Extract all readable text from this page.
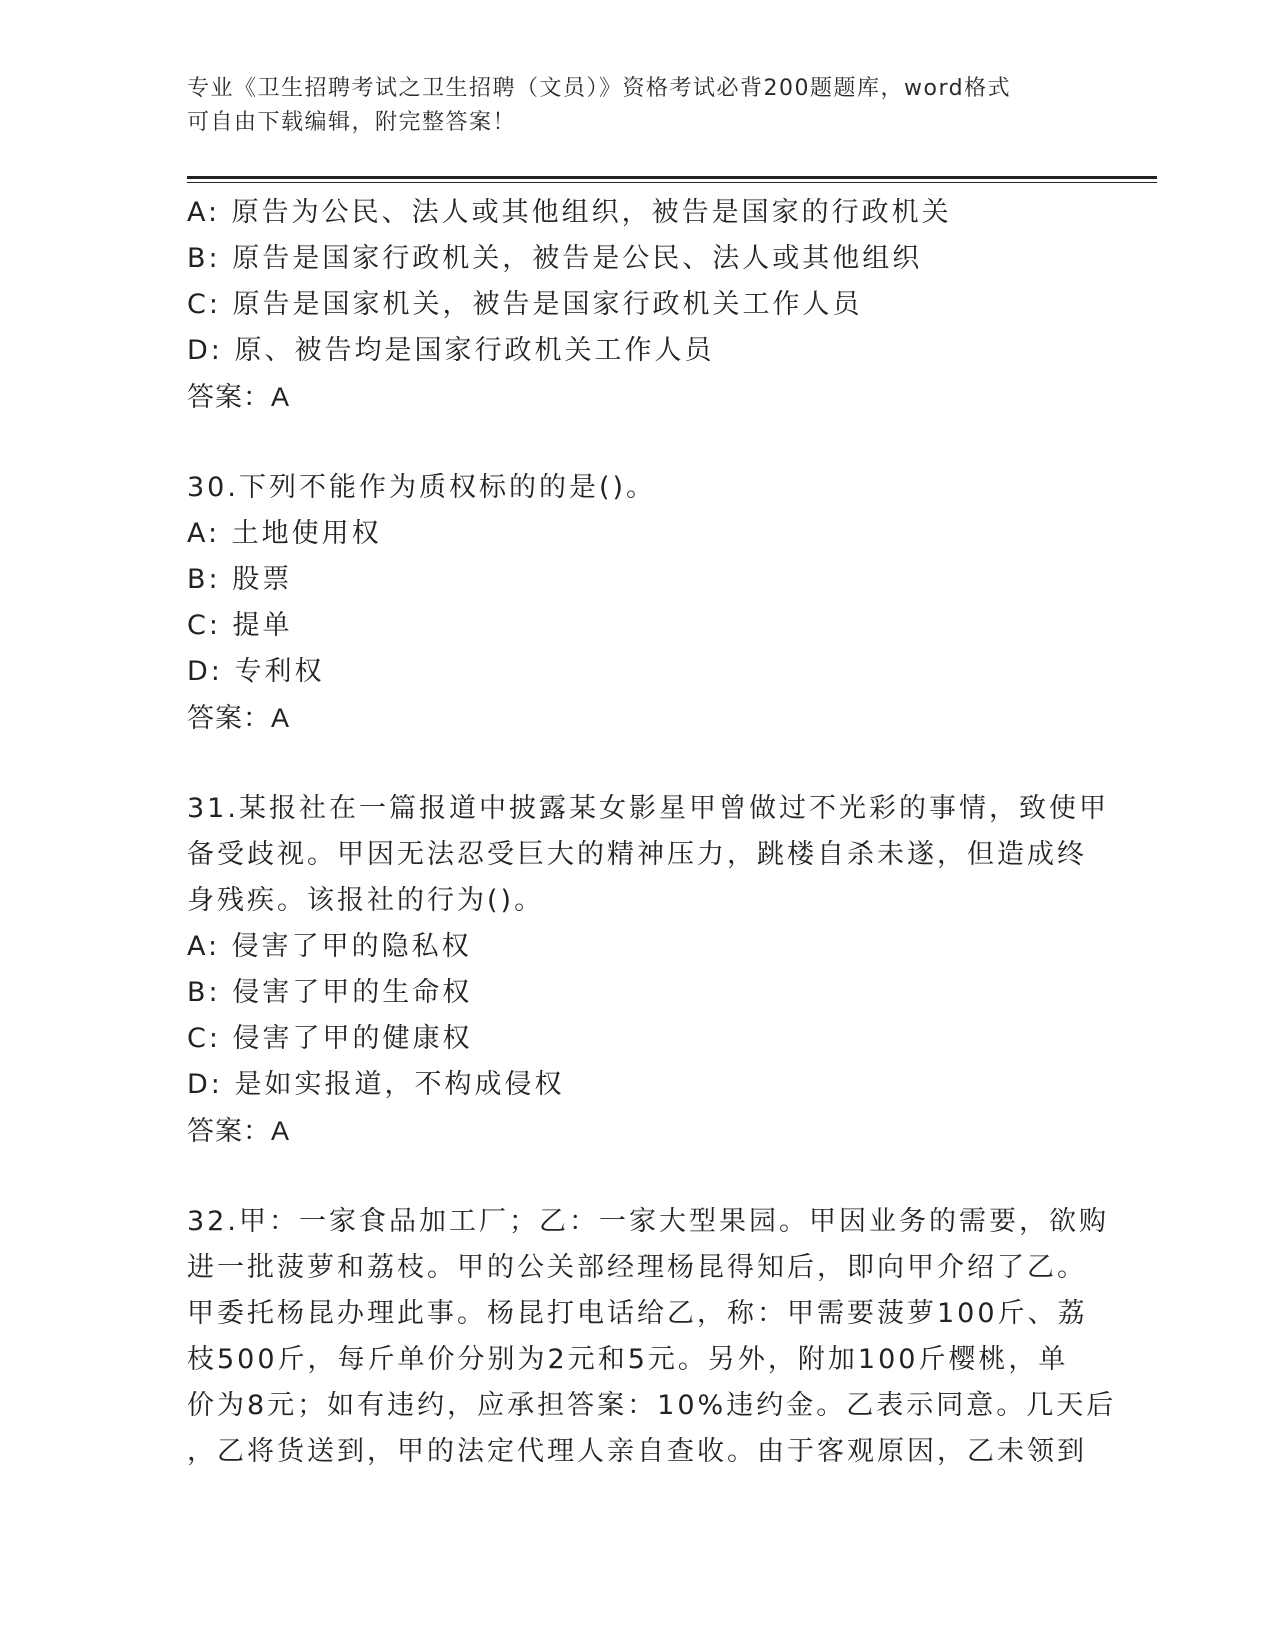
专业《卫生招聘考试之卫生招聘（文员）》资格考试必背200题题库，word格式
可自由下载编辑，附完整答案！
A: 原告为公民、法人或其他组织，被告是国家的行政机关
B: 原告是国家行政机关，被告是公民、法人或其他组织
C: 原告是国家机关，被告是国家行政机关工作人员
D: 原、被告均是国家行政机关工作人员
答案：A
30.下列不能作为质权标的的是()。
A: 土地使用权
B: 股票
C: 提单
D: 专利权
答案：A
31.某报社在一篇报道中披露某女影星甲曾做过不光彩的事情，致使甲
备受歧视。甲因无法忍受巨大的精神压力，跳楼自杀未遂，但造成终
身残疾。该报社的行为()。
A: 侵害了甲的隐私权
B: 侵害了甲的生命权
C: 侵害了甲的健康权
D: 是如实报道，不构成侵权
答案：A
32.甲：一家食品加工厂；乙：一家大型果园。甲因业务的需要，欲购
进一批菠萝和荔枝。甲的公关部经理杨昆得知后，即向甲介绍了乙。
甲委托杨昆办理此事。杨昆打电话给乙，称：甲需要菠萝100斤、荔
枝500斤，每斤单价分别为2元和5元。另外，附加100斤樱桃，单
价为8元；如有违约，应承担答案：10%违约金。乙表示同意。几天后
，乙将货送到，甲的法定代理人亲自查收。由于客观原因，乙未领到
